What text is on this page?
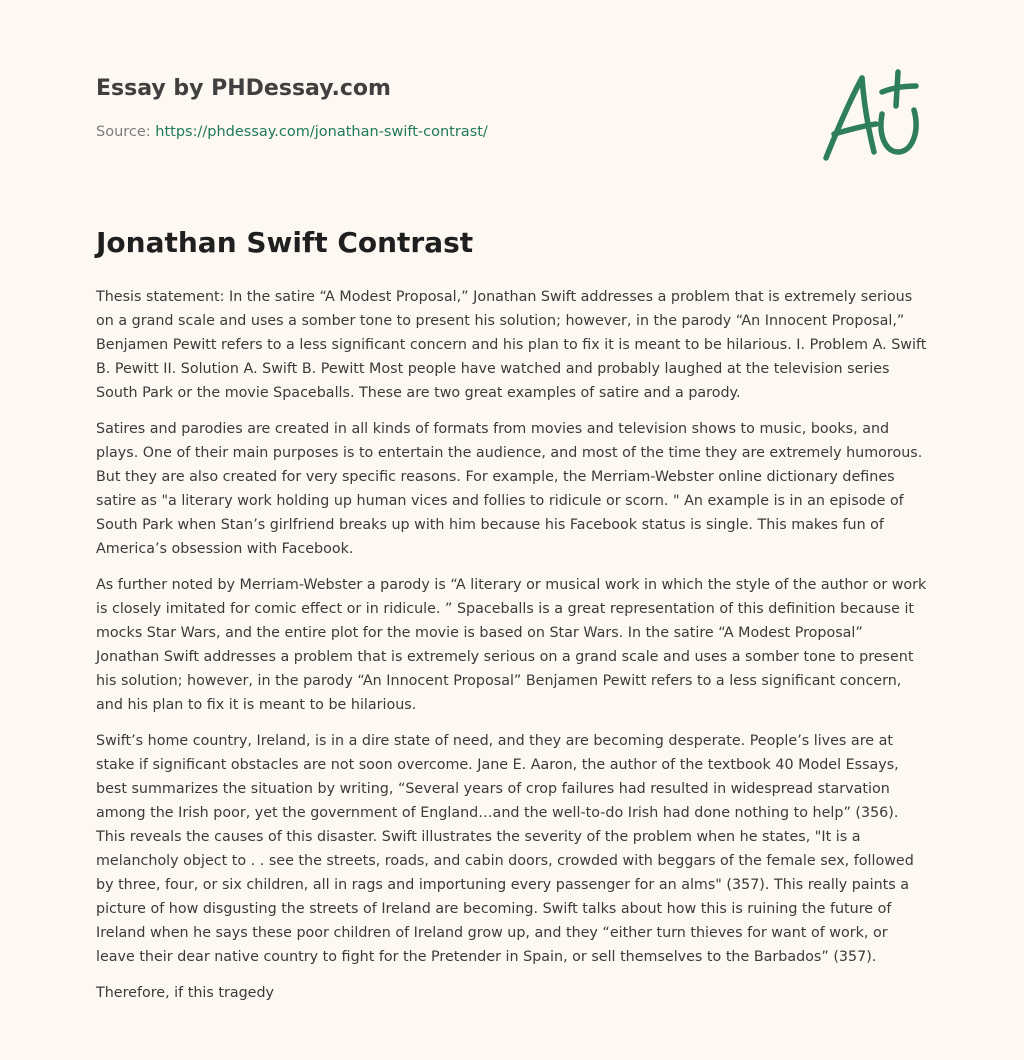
Essay by PHDessay.com
Source: https://phdessay.com/jonathan-swift-contrast/
Jonathan Swift Contrast

Thesis statement: In the satire “A Modest Proposal,” Jonathan Swift addresses a problem that is extremely serious on a grand scale and uses a somber tone to present his solution; however, in the parody “An Innocent Proposal,” Benjamen Pewitt refers to a less significant concern and his plan to fix it is meant to be hilarious. I. Problem A. Swift B. Pewitt II. Solution A. Swift B. Pewitt Most people have watched and probably laughed at the television series South Park or the movie Spaceballs. These are two great examples of satire and a parody.

Satires and parodies are created in all kinds of formats from movies and television shows to music, books, and plays. One of their main purposes is to entertain the audience, and most of the time they are extremely humorous. But they are also created for very specific reasons. For example, the Merriam-Webster online dictionary defines satire as "a literary work holding up human vices and follies to ridicule or scorn. " An example is in an episode of South Park when Stan’s girlfriend breaks up with him because his Facebook status is single. This makes fun of America’s obsession with Facebook.

As further noted by Merriam-Webster a parody is “A literary or musical work in which the style of the author or work is closely imitated for comic effect or in ridicule. ” Spaceballs is a great representation of this definition because it mocks Star Wars, and the entire plot for the movie is based on Star Wars. In the satire “A Modest Proposal” Jonathan Swift addresses a problem that is extremely serious on a grand scale and uses a somber tone to present his solution; however, in the parody “An Innocent Proposal” Benjamen Pewitt refers to a less significant concern, and his plan to fix it is meant to be hilarious.

Swift’s home country, Ireland, is in a dire state of need, and they are becoming desperate. People’s lives are at stake if significant obstacles are not soon overcome. Jane E. Aaron, the author of the textbook 40 Model Essays, best summarizes the situation by writing, “Several years of crop failures had resulted in widespread starvation among the Irish poor, yet the government of England…and the well-to-do Irish had done nothing to help” (356). This reveals the causes of this disaster. Swift illustrates the severity of the problem when he states, "It is a melancholy object to . . see the streets, roads, and cabin doors, crowded with beggars of the female sex, followed by three, four, or six children, all in rags and importuning every passenger for an alms" (357). This really paints a picture of how disgusting the streets of Ireland are becoming. Swift talks about how this is ruining the future of Ireland when he says these poor children of Ireland grow up, and they “either turn thieves for want of work, or leave their dear native country to fight for the Pretender in Spain, or sell themselves to the Barbados” (357).

Therefore, if this tragedy
